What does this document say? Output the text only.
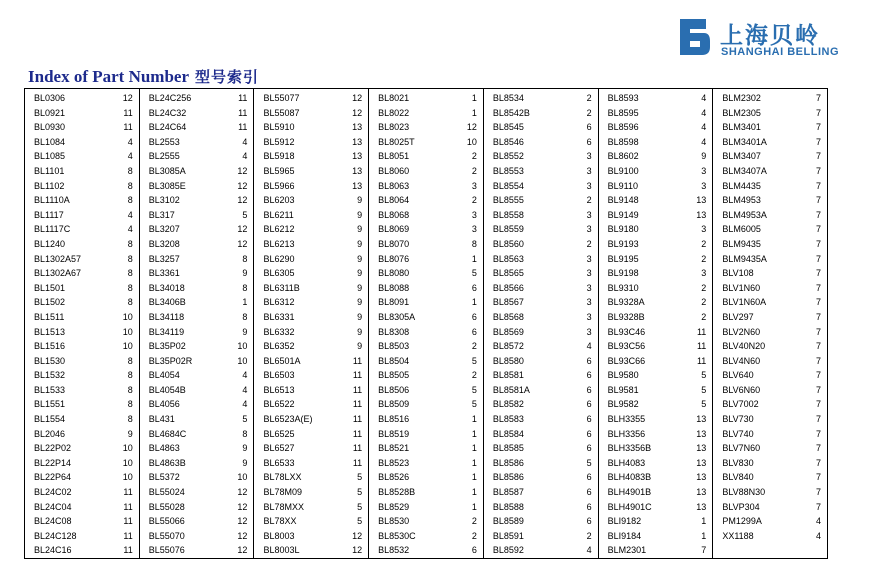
上海贝岭
SHANGHAI BELLING
Index of Part Number 型号索引
BL0306	12
BL0921	11
BL0930	11
BL1084	4
BL1085	4
BL1101	8
BL1102	8
BL1110A	8
BL1117	4
BL1117C	4
BL1240	8
BL1302A57	8
BL1302A67	8
BL1501	8
BL1502	8
BL1511	10
BL1513	10
BL1516	10
BL1530	8
BL1532	8
BL1533	8
BL1551	8
BL1554	8
BL2046	9
BL22P02	10
BL22P14	10
BL22P64	10
BL24C02	11
BL24C04	11
BL24C08	11
BL24C128	11
BL24C16	11
BL24C256	11
BL24C32	11
BL24C64	11
BL2553	4
BL2555	4
BL3085A	12
BL3085E	12
BL3102	12
BL317	5
BL3207	12
BL3208	12
BL3257	8
BL3361	9
BL34018	8
BL3406B	1
BL34118	8
BL34119	9
BL35P02	10
BL35P02R	10
BL4054	4
BL4054B	4
BL4056	4
BL431	5
BL4684C	8
BL4863	9
BL4863B	9
BL5372	10
BL55024	12
BL55028	12
BL55066	12
BL55070	12
BL55076	12
BL55077	12
BL55087	12
BL5910	13
BL5912	13
BL5918	13
BL5965	13
BL5966	13
BL6203	9
BL6211	9
BL6212	9
BL6213	9
BL6290	9
BL6305	9
BL6311B	9
BL6312	9
BL6331	9
BL6332	9
BL6352	9
BL6501A	11
BL6503	11
BL6513	11
BL6522	11
BL6523A(E)	11
BL6525	11
BL6527	11
BL6533	11
BL78LXX	5
BL78M09	5
BL78MXX	5
BL78XX	5
BL8003	12
BL8003L	12
BL8021	1
BL8022	1
BL8023	12
BL8025T	10
BL8051	2
BL8060	2
BL8063	3
BL8064	2
BL8068	3
BL8069	3
BL8070	8
BL8076	1
BL8080	5
BL8088	6
BL8091	1
BL8305A	6
BL8308	6
BL8503	2
BL8504	5
BL8505	2
BL8506	5
BL8509	5
BL8516	1
BL8519	1
BL8521	1
BL8523	1
BL8526	1
BL8528B	1
BL8529	1
BL8530	2
BL8530C	2
BL8532	6
BL8534	2
BL8542B	2
BL8545	6
BL8546	6
BL8552	3
BL8553	3
BL8554	3
BL8555	2
BL8558	3
BL8559	3
BL8560	2
BL8563	3
BL8565	3
BL8566	3
BL8567	3
BL8568	3
BL8569	3
BL8572	4
BL8580	6
BL8581	6
BL8581A	6
BL8582	6
BL8583	6
BL8584	6
BL8585	6
BL8586	5
BL8586	6
BL8587	6
BL8588	6
BL8589	6
BL8591	2
BL8592	4
BL8593	4
BL8595	4
BL8596	4
BL8598	4
BL8602	9
BL9100	3
BL9110	3
BL9148	13
BL9149	13
BL9180	3
BL9193	2
BL9195	2
BL9198	3
BL9310	2
BL9328A	2
BL9328B	2
BL93C46	11
BL93C56	11
BL93C66	11
BL9580	5
BL9581	5
BL9582	5
BLH3355	13
BLH3356	13
BLH3356B	13
BLH4083	13
BLH4083B	13
BLH4901B	13
BLH4901C	13
BLI9182	1
BLI9184	1
BLM2301	7
BLM2302	7
BLM2305	7
BLM3401	7
BLM3401A	7
BLM3407	7
BLM3407A	7
BLM4435	7
BLM4953	7
BLM4953A	7
BLM6005	7
BLM9435	7
BLM9435A	7
BLV108	7
BLV1N60	7
BLV1N60A	7
BLV297	7
BLV2N60	7
BLV40N20	7
BLV4N60	7
BLV640	7
BLV6N60	7
BLV7002	7
BLV730	7
BLV740	7
BLV7N60	7
BLV830	7
BLV840	7
BLV88N30	7
BLVP304	7
PM1299A	4
XX1188	4
